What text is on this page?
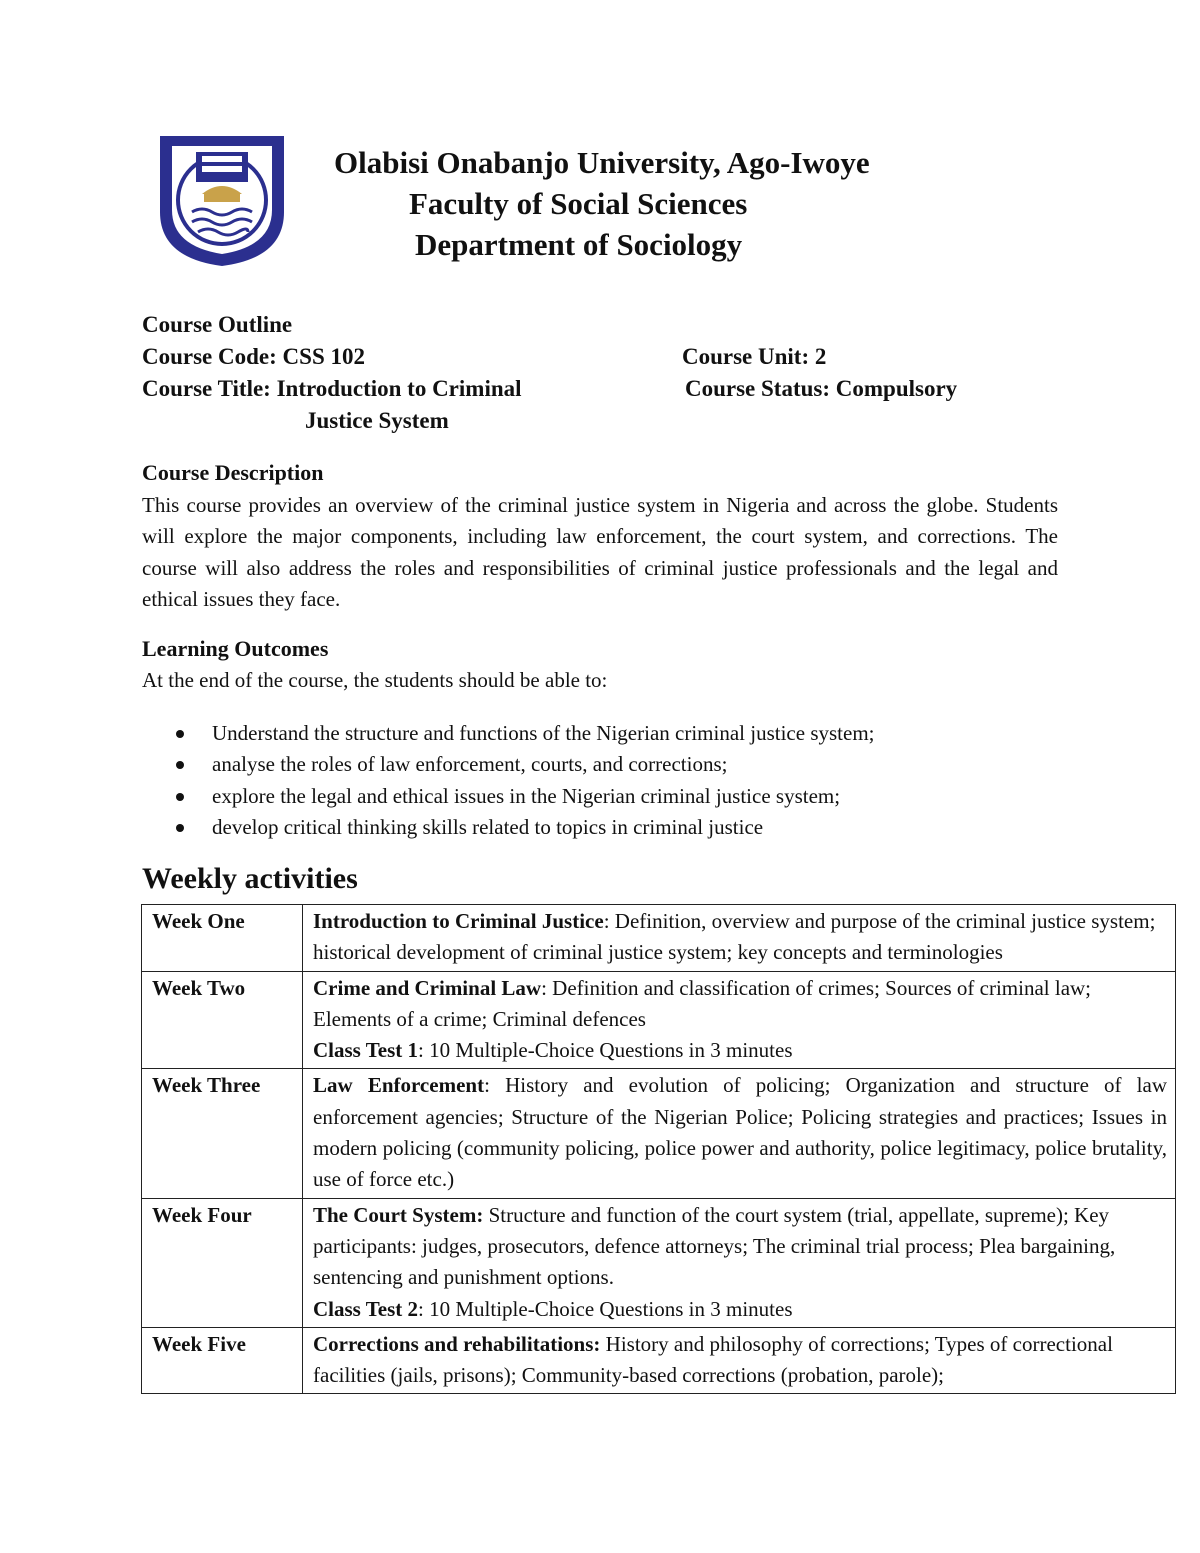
Olabisi Onabanjo University, Ago-Iwoye
Faculty of Social Sciences
Department of Sociology
Course Outline
Course Code: CSS 102	Course Unit: 2
Course Title: Introduction to Criminal
Justice System
Course Status: Compulsory
Course Description
This course provides an overview of the criminal justice system in Nigeria and across the globe. Students will explore the major components, including law enforcement, the court system, and corrections. The course will also address the roles and responsibilities of criminal justice professionals and the legal and ethical issues they face.
Learning Outcomes
At the end of the course, the students should be able to:
Understand the structure and functions of the Nigerian criminal justice system;
analyse the roles of law enforcement, courts, and corrections;
explore the legal and ethical issues in the Nigerian criminal justice system;
develop critical thinking skills related to topics in criminal justice
Weekly activities
Week One	Introduction to Criminal Justice: Definition, overview and purpose of the criminal justice system; historical development of criminal justice system; key concepts and terminologies
Week Two	Crime and Criminal Law: Definition and classification of crimes; Sources of criminal law; Elements of a crime; Criminal defences
Class Test 1: 10 Multiple-Choice Questions in 3 minutes
Week Three	Law Enforcement: History and evolution of policing; Organization and structure of law enforcement agencies; Structure of the Nigerian Police; Policing strategies and practices; Issues in modern policing (community policing, police power and authority, police legitimacy, police brutality, use of force etc.)
Week Four	The Court System: Structure and function of the court system (trial, appellate, supreme); Key participants: judges, prosecutors, defence attorneys; The criminal trial process; Plea bargaining, sentencing and punishment options.
Class Test 2: 10 Multiple-Choice Questions in 3 minutes
Week Five	Corrections and rehabilitations: History and philosophy of corrections; Types of correctional facilities (jails, prisons); Community-based corrections (probation, parole);
